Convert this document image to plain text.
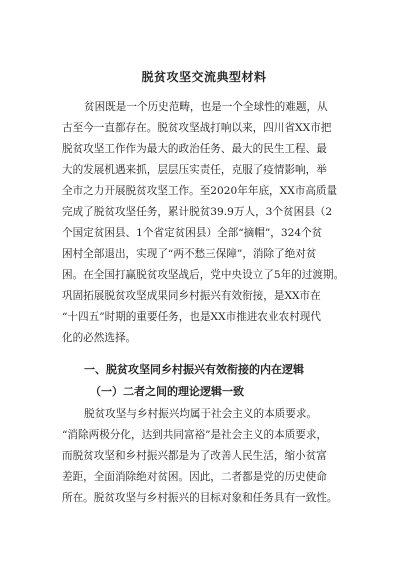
脱贫攻坚交流典型材料
贫困既是一个历史范畴，也是一个全球性的难题，从
古至今一直都存在。脱贫攻坚战打响以来，四川省XX市把
脱贫攻坚工作作为最大的政治任务、最大的民生工程、最
大的发展机遇来抓，层层压实责任，克服了疫情影响，举
全市之力开展脱贫攻坚工作。至2020年年底，XX市高质量
完成了脱贫攻坚任务，累计脱贫39.9万人，3个贫困县（2
个国定贫困县、1个省定贫困县）全部“摘帽”，324个贫
困村全部退出，实现了“两不愁三保障”，消除了绝对贫
困。在全国打赢脱贫攻坚战后，党中央设立了5年的过渡期。
巩固拓展脱贫攻坚成果同乡村振兴有效衔接，是XX市在
“十四五”时期的重要任务，也是XX市推进农业农村现代
化的必然选择。
一、脱贫攻坚同乡村振兴有效衔接的内在逻辑
（一）二者之间的理论逻辑一致
脱贫攻坚与乡村振兴均属于社会主义的本质要求。
“消除两极分化，达到共同富裕”是社会主义的本质要求，
而脱贫攻坚和乡村振兴都是为了改善人民生活，缩小贫富
差距，全面消除绝对贫困。因此，二者都是党的历史使命
所在。脱贫攻坚与乡村振兴的目标对象和任务具有一致性。
